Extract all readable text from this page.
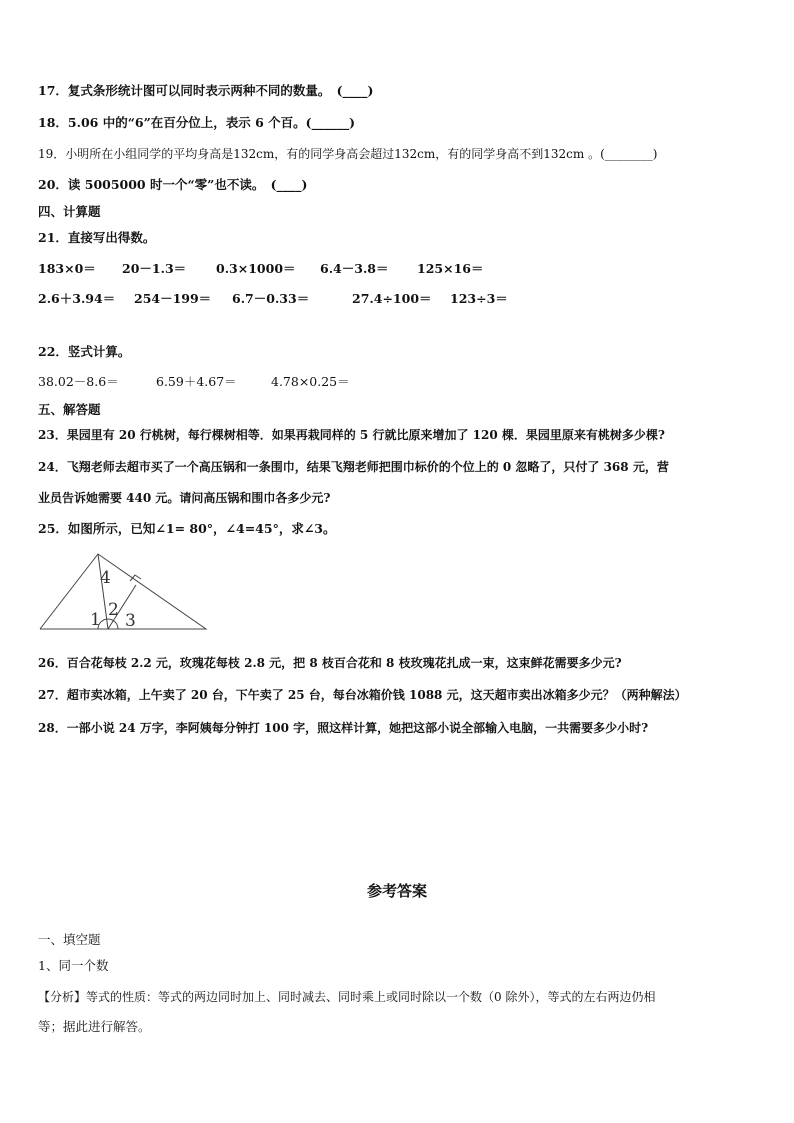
17．复式条形统计图可以同时表示两种不同的数量。　(____)
18．5.06 中的“6”在百分位上，表示 6 个百。(______)
19．小明所在小组同学的平均身高是132cm，有的同学身高会超过132cm，有的同学身高不到132cm 。(________)
20．读 5005000 时一个“零”也不读。　(____)
四、计算题
21．直接写出得数。
183×0＝ 20－1.3＝ 0.3×1000＝ 6.4－3.8＝ 125×16＝
2.6＋3.94＝ 254－199＝ 6.7－0.33＝	27.4÷100＝ 123÷3＝
22．竖式计算。
38.02－8.6＝	6.59＋4.67＝	4.78×0.25＝
五、解答题
23．果园里有 20 行桃树，每行棵树相等．如果再栽同样的 5 行就比原来增加了 120 棵．果园里原来有桃树多少棵?
24．飞翔老师去超市买了一个高压锅和一条围巾，结果飞翔老师把围巾标价的个位上的 0 忽略了，只付了 368 元，营
业员告诉她需要 440 元。请问高压锅和围巾各多少元?
25．如图所示，已知∠1= 80°，∠4=45°，求∠3。
4
1 2
3
26．百合花每枝 2.2 元，玫瑰花每枝 2.8 元，把 8 枝百合花和 8 枝玫瑰花扎成一束，这束鲜花需要多少元?
27．超市卖冰箱，上午卖了 20 台，下午卖了 25 台，每台冰箱价钱 1088 元，这天超市卖出冰箱多少元？（两种解法）
28．一部小说 24 万字，李阿姨每分钟打 100 字，照这样计算，她把这部小说全部输入电脑，一共需要多少小时?
参考答案
一、填空题
1、同一个数
【分析】等式的性质：等式的两边同时加上、同时减去、同时乘上或同时除以一个数（0 除外），等式的左右两边仍相
等；据此进行解答。
